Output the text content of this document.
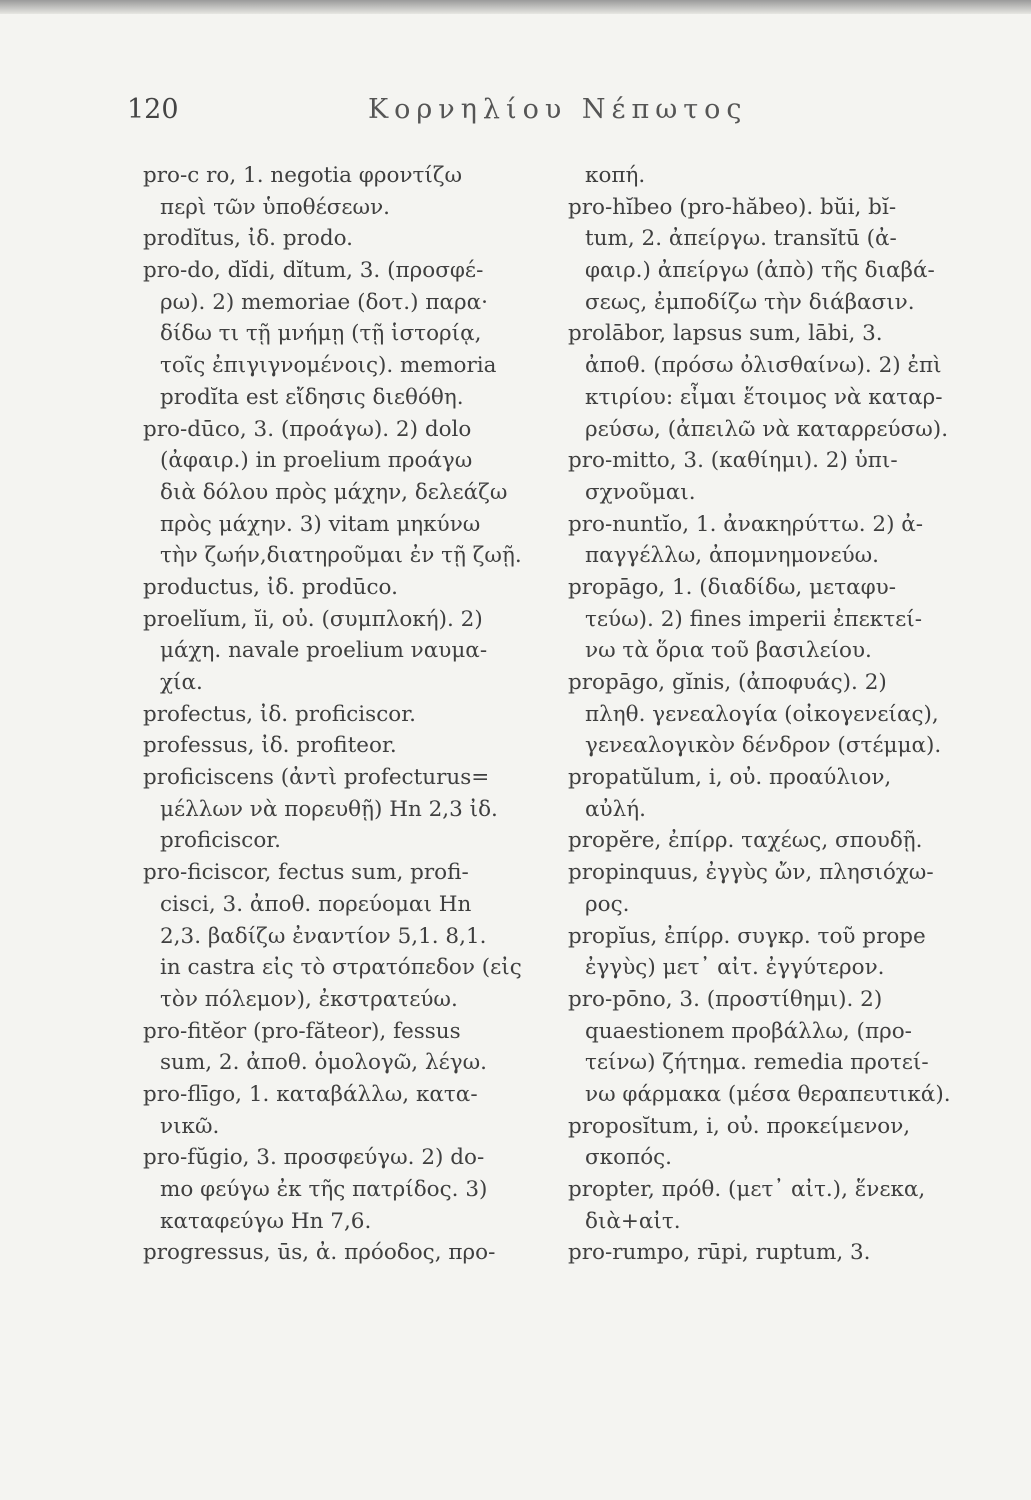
120	Κορνηλίου Νέπωτος
pro-c ro, 1. negotia φροντίζω
περὶ τῶν ὑποθέσεων.
prodĭtus, ἰδ. prodo.
pro-do, dĭdi, dĭtum, 3. (προσφέ-
ρω). 2) memoriae (δοτ.) παρα·
δίδω τι τῇ μνήμῃ (τῇ ἱστορίᾳ,
τοῖς ἐπιγιγνομένοις). memoria
prodĭta est εἴδησις διεθόθη.
pro-dūco, 3. (προάγω). 2) dolo
(ἀφαιρ.) in proelium προάγω
διὰ δόλου πρὸς μάχην, δελεάζω
πρὸς μάχην. 3) vitam μηκύνω
τὴν ζωήν,διατηροῦμαι ἐν τῇ ζωῇ.
productus, ἰδ. prodūco.
proelĭum, ĭi, οὐ. (συμπλοκή). 2)
μάχη. navale proelium ναυμα-
χία.
profectus, ἰδ. proficiscor.
professus, ἰδ. profiteor.
proficiscens (ἀντὶ profecturus=
μέλλων νὰ πορευθῇ) Hn 2,3 ἰδ.
proficiscor.
pro-ficiscor, fectus sum, profi-
cisci, 3. ἀποθ. πορεύομαι Hn
2,3. βαδίζω ἐναντίον 5,1. 8,1.
in castra εἰς τὸ στρατόπεδον (εἰς
τὸν πόλεμον), ἐκστρατεύω.
pro-fitĕor (pro-făteor), fessus
sum, 2. ἀποθ. ὁμολογῶ, λέγω.
pro-flīgo, 1. καταβάλλω, κατα-
νικῶ.
pro-fŭgio, 3. προσφεύγω. 2) do-
mo φεύγω ἐκ τῆς πατρίδος. 3)
καταφεύγω Hn 7,6.
progressus, ūs, ἀ. πρόοδος, προ-
κοπή.
pro-hĭbeo (pro-hăbeo). bŭi, bĭ-
tum, 2. ἀπείργω. transĭtū (ἀ-
φαιρ.) ἀπείργω (ἀπὸ) τῆς διαβά-
σεως, ἐμποδίζω τὴν διάβασιν.
prolābor, lapsus sum, lābi, 3.
ἀποθ. (πρόσω ὀλισθαίνω). 2) ἐπὶ
κτιρίου: εἶμαι ἕτοιμος νὰ καταρ-
ρεύσω, (ἀπειλῶ νὰ καταρρεύσω).
pro-mitto, 3. (καθίημι). 2) ὑπι-
σχνοῦμαι.
pro-nuntĭo, 1. ἀνακηρύττω. 2) ἀ-
παγγέλλω, ἀπομνημονεύω.
propāgo, 1. (διαδίδω, μεταφυ-
τεύω). 2) fines imperii ἐπεκτεί-
νω τὰ ὅρια τοῦ βασιλείου.
propāgo, gĭnis, (ἀποφυάς). 2)
πληθ. γενεαλογία (οἰκογενείας),
γενεαλογικὸν δένδρον (στέμμα).
propatŭlum, i, οὐ. προαύλιον,
αὐλή.
propĕre, ἐπίρρ. ταχέως, σπουδῇ.
propinquus, ἐγγὺς ὤν, πλησιόχω-
ρος.
propĭus, ἐπίρρ. συγκρ. τοῦ prope
ἐγγὺς) μετ᾽ αἰτ. ἐγγύτερον.
pro-pōno, 3. (προστίθημι). 2)
quaestionem προβάλλω, (προ-
τείνω) ζήτημα. remedia προτεί-
νω φάρμακα (μέσα θεραπευτικά).
proposĭtum, i, οὐ. προκείμενον,
σκοπός.
propter, πρόθ. (μετ᾽ αἰτ.), ἕνεκα,
διὰ+αἰτ.
pro-rumpo, rūpi, ruptum, 3.
